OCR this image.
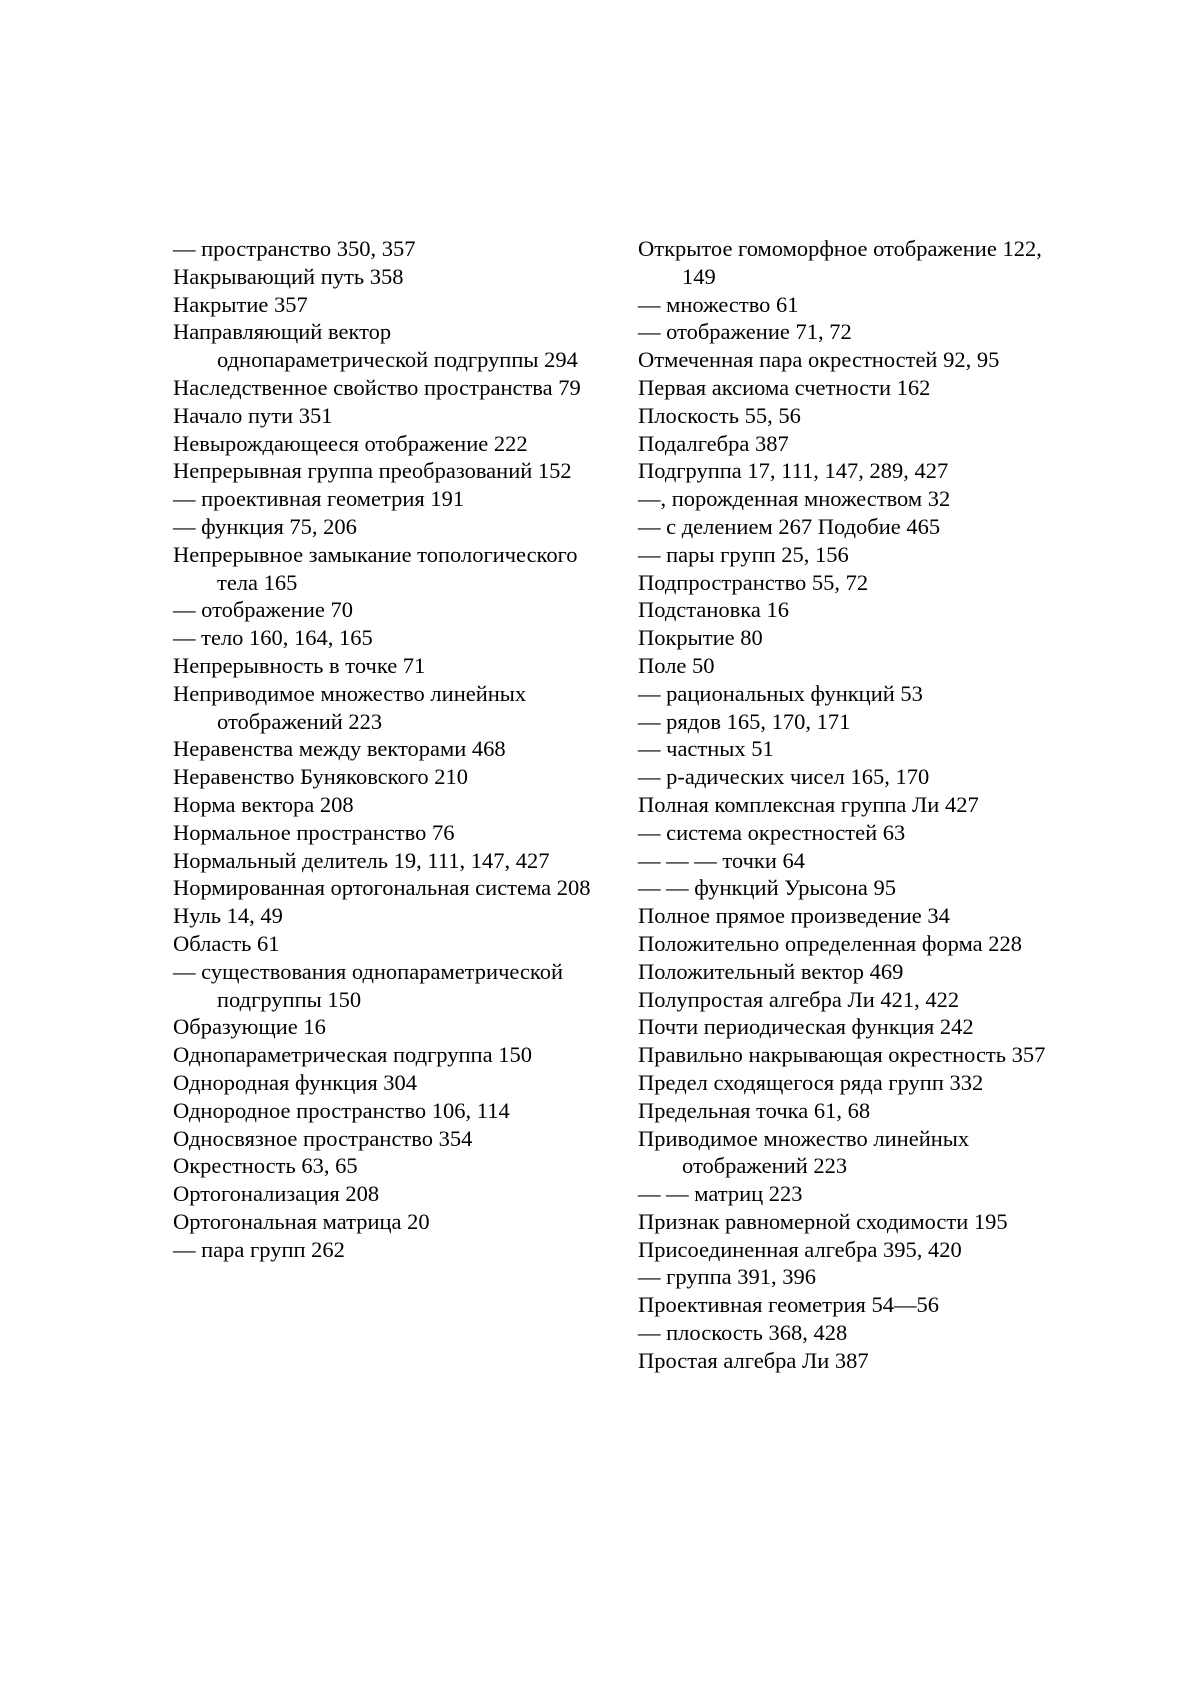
— пространство 350, 357
Накрывающий путь 358
Накрытие 357
Направляющий вектор однопараметрической подгруппы 294
Наследственное свойство пространства 79
Начало пути 351
Невырождающееся отображение 222
Непрерывная группа преобразований 152
— проективная геометрия 191
— функция 75, 206
Непрерывное замыкание топологического тела 165
— отображение 70
— тело 160, 164, 165
Непрерывность в точке 71
Неприводимое множество линейных отображений 223
Неравенства между векторами 468
Неравенство Буняковского 210
Норма вектора 208
Нормальное пространство 76
Нормальный делитель 19, 111, 147, 427
Нормированная ортогональная система 208
Нуль 14, 49
Область 61
— существования однопараметрической подгруппы 150
Образующие 16
Однопараметрическая подгруппа 150
Однородная функция 304
Однородное пространство 106, 114
Односвязное пространство 354
Окрестность 63, 65
Ортогонализация 208
Ортогональная матрица 20
— пара групп 262
Открытое гомоморфное отображение 122, 149
— множество 61
— отображение 71, 72
Отмеченная пара окрестностей 92, 95
Первая аксиома счетности 162
Плоскость 55, 56
Подалгебра 387
Подгруппа 17, 111, 147, 289, 427
—, порожденная множеством 32
— с делением 267 Подобие 465
— пары групп 25, 156
Подпространство 55, 72
Подстановка 16
Покрытие 80
Поле 50
— рациональных функций 53
— рядов 165, 170, 171
— частных 51
— p-адических чисел 165, 170
Полная комплексная группа Ли 427
— система окрестностей 63
— — — точки 64
— — функций Урысона 95
Полное прямое произведение 34
Положительно определенная форма 228
Положительный вектор 469
Полупростая алгебра Ли 421, 422
Почти периодическая функция 242
Правильно накрывающая окрестность 357
Предел сходящегося ряда групп 332
Предельная точка 61, 68
Приводимое множество линейных отображений 223
— — матриц 223
Признак равномерной сходимости 195
Присоединенная алгебра 395, 420
— группа 391, 396
Проективная геометрия 54—56
— плоскость 368, 428
Простая алгебра Ли 387
